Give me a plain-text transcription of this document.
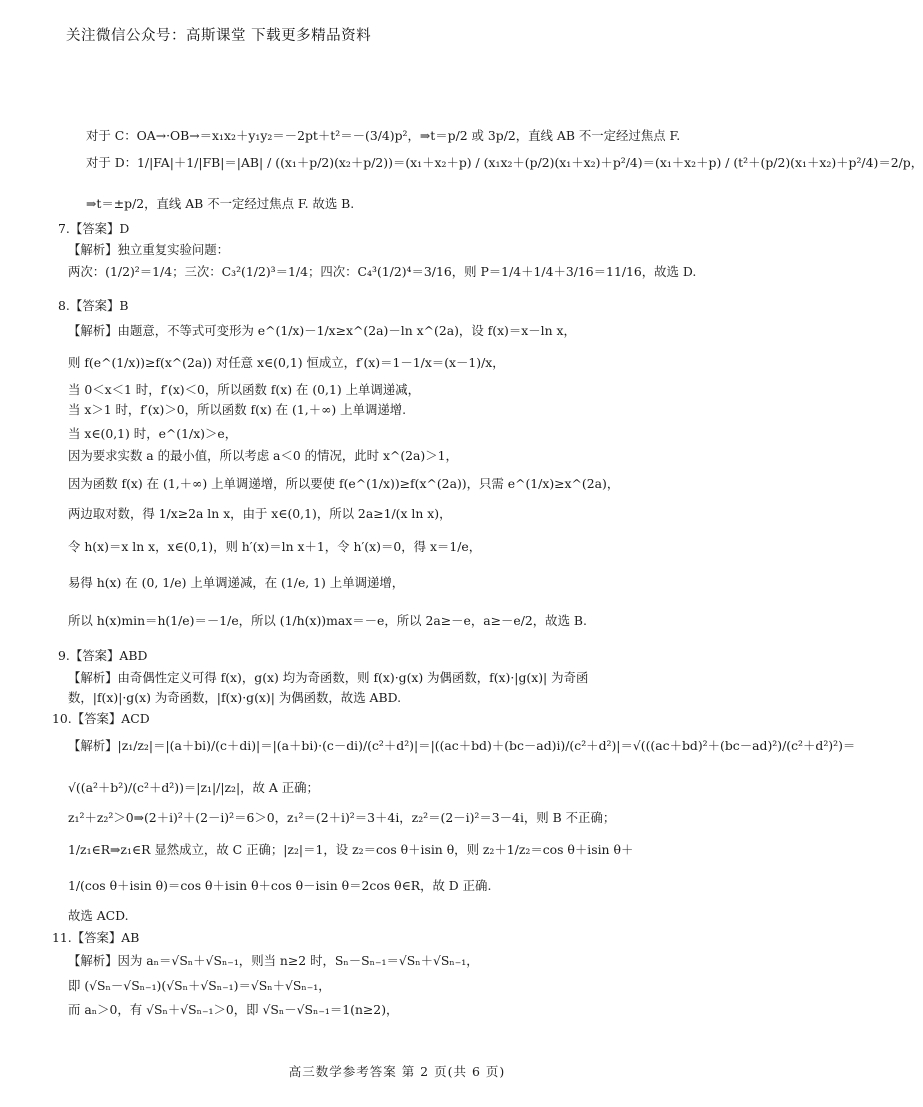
关注微信公众号：高斯课堂 下载更多精品资料
对于 C：OA→·OB→＝x₁x₂＋y₁y₂＝－2pt＋t²＝－(3/4)p²，⇒t＝p/2 或 3p/2，直线 AB 不一定经过焦点 F.
对于 D：1/|FA|＋1/|FB|＝|AB| / ((x₁＋p/2)(x₂＋p/2))＝(x₁＋x₂＋p) / (x₁x₂＋(p/2)(x₁＋x₂)＋p²/4)＝(x₁＋x₂＋p) / (t²＋(p/2)(x₁＋x₂)＋p²/4)＝2/p，
⇒t＝±p/2，直线 AB 不一定经过焦点 F. 故选 B.
7.【答案】D
【解析】独立重复实验问题：
两次：(1/2)²＝1/4；三次：C₃²(1/2)³＝1/4；四次：C₄³(1/2)⁴＝3/16，则 P＝1/4＋1/4＋3/16＝11/16，故选 D.
8.【答案】B
【解析】由题意，不等式可变形为 e^(1/x)－1/x≥x^(2a)－ln x^(2a)，设 f(x)＝x－ln x，
则 f(e^(1/x))≥f(x^(2a)) 对任意 x∈(0,1) 恒成立，f′(x)＝1－1/x＝(x－1)/x，
当 0＜x＜1 时，f′(x)＜0，所以函数 f(x) 在 (0,1) 上单调递减，
当 x＞1 时，f′(x)＞0，所以函数 f(x) 在 (1,＋∞) 上单调递增.
当 x∈(0,1) 时，e^(1/x)＞e，
因为要求实数 a 的最小值，所以考虑 a＜0 的情况，此时 x^(2a)＞1，
因为函数 f(x) 在 (1,＋∞) 上单调递增，所以要使 f(e^(1/x))≥f(x^(2a))，只需 e^(1/x)≥x^(2a)，
两边取对数，得 1/x≥2a ln x，由于 x∈(0,1)，所以 2a≥1/(x ln x)，
令 h(x)＝x ln x，x∈(0,1)，则 h′(x)＝ln x＋1，令 h′(x)＝0，得 x＝1/e，
易得 h(x) 在 (0, 1/e) 上单调递减，在 (1/e, 1) 上单调递增，
所以 h(x)min＝h(1/e)＝－1/e，所以 (1/h(x))max＝－e，所以 2a≥－e，a≥－e/2，故选 B.
9.【答案】ABD
【解析】由奇偶性定义可得 f(x)，g(x) 均为奇函数，则 f(x)·g(x) 为偶函数，f(x)·|g(x)| 为奇函
数，|f(x)|·g(x) 为奇函数，|f(x)·g(x)| 为偶函数，故选 ABD.
10.【答案】ACD
【解析】|z₁/z₂|＝|(a＋bi)/(c＋di)|＝|(a＋bi)·(c－di)/(c²＋d²)|＝|((ac＋bd)＋(bc－ad)i)/(c²＋d²)|＝√(((ac＋bd)²＋(bc－ad)²)/(c²＋d²)²)＝
√((a²＋b²)/(c²＋d²))＝|z₁|/|z₂|，故 A 正确；
z₁²＋z₂²＞0⇒(2＋i)²＋(2－i)²＝6＞0，z₁²＝(2＋i)²＝3＋4i，z₂²＝(2－i)²＝3－4i，则 B 不正确；
1/z₁∈R⇒z₁∈R 显然成立，故 C 正确；|z₂|＝1，设 z₂＝cos θ＋isin θ，则 z₂＋1/z₂＝cos θ＋isin θ＋
1/(cos θ＋isin θ)＝cos θ＋isin θ＋cos θ－isin θ＝2cos θ∈R，故 D 正确.
故选 ACD.
11.【答案】AB
【解析】因为 aₙ＝√Sₙ＋√Sₙ₋₁，则当 n≥2 时，Sₙ－Sₙ₋₁＝√Sₙ＋√Sₙ₋₁，
即 (√Sₙ－√Sₙ₋₁)(√Sₙ＋√Sₙ₋₁)＝√Sₙ＋√Sₙ₋₁，
而 aₙ＞0，有 √Sₙ＋√Sₙ₋₁＞0，即 √Sₙ－√Sₙ₋₁＝1(n≥2)，
高三数学参考答案 第 2 页(共 6 页)
